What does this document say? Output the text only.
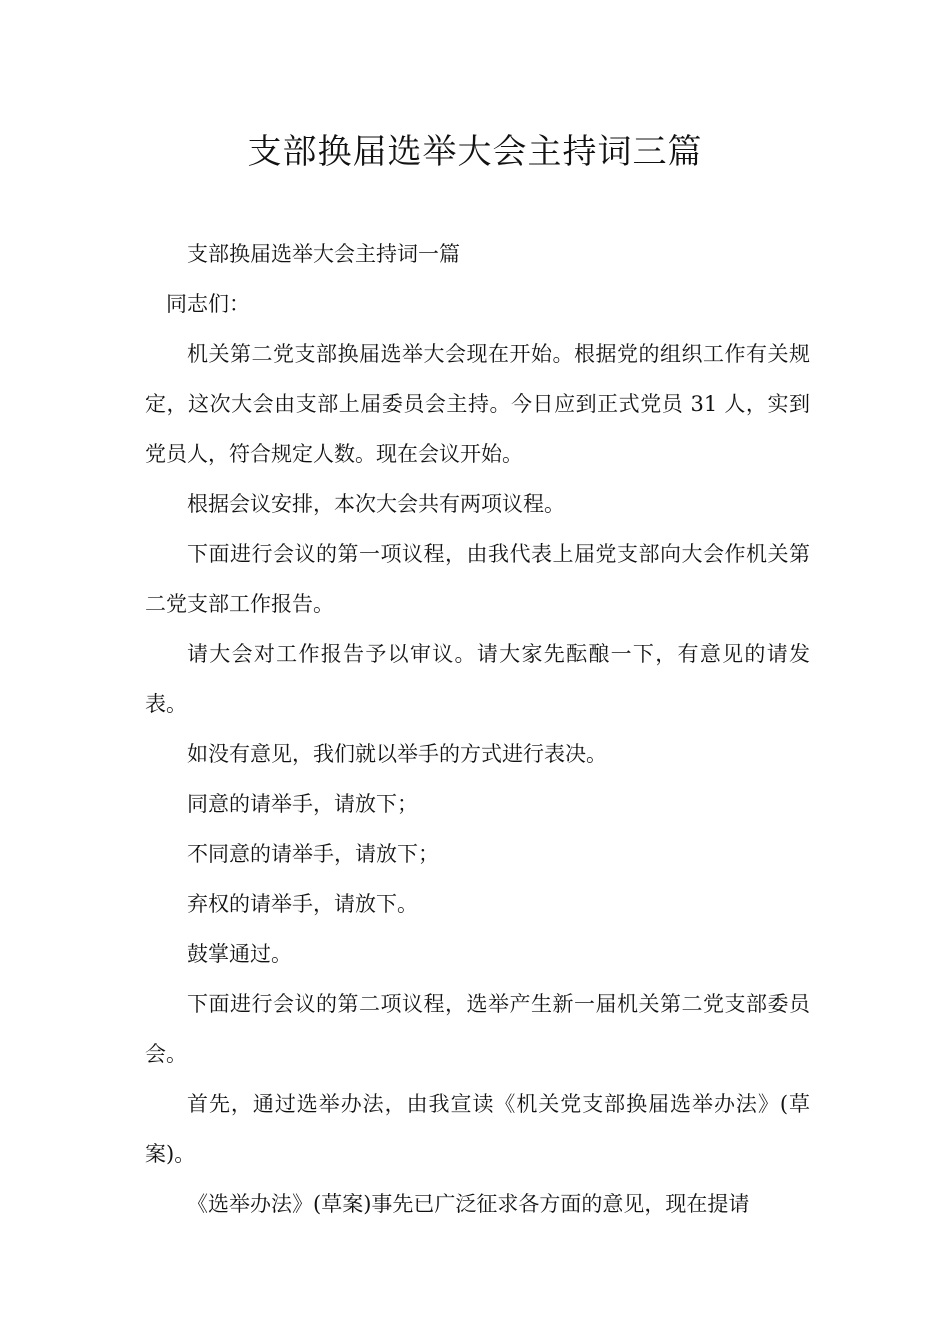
支部换届选举大会主持词三篇

支部换届选举大会主持词一篇

同志们：

机关第二党支部换届选举大会现在开始。根据党的组织工作有关规定，这次大会由支部上届委员会主持。今日应到正式党员 31 人，实到党员人，符合规定人数。现在会议开始。

根据会议安排，本次大会共有两项议程。

下面进行会议的第一项议程，由我代表上届党支部向大会作机关第二党支部工作报告。

请大会对工作报告予以审议。请大家先酝酿一下，有意见的请发表。

如没有意见，我们就以举手的方式进行表决。

同意的请举手，请放下；

不同意的请举手，请放下；

弃权的请举手，请放下。

鼓掌通过。

下面进行会议的第二项议程，选举产生新一届机关第二党支部委员会。

首先，通过选举办法，由我宣读《机关党支部换届选举办法》(草案)。

《选举办法》(草案)事先已广泛征求各方面的意见，现在提请
